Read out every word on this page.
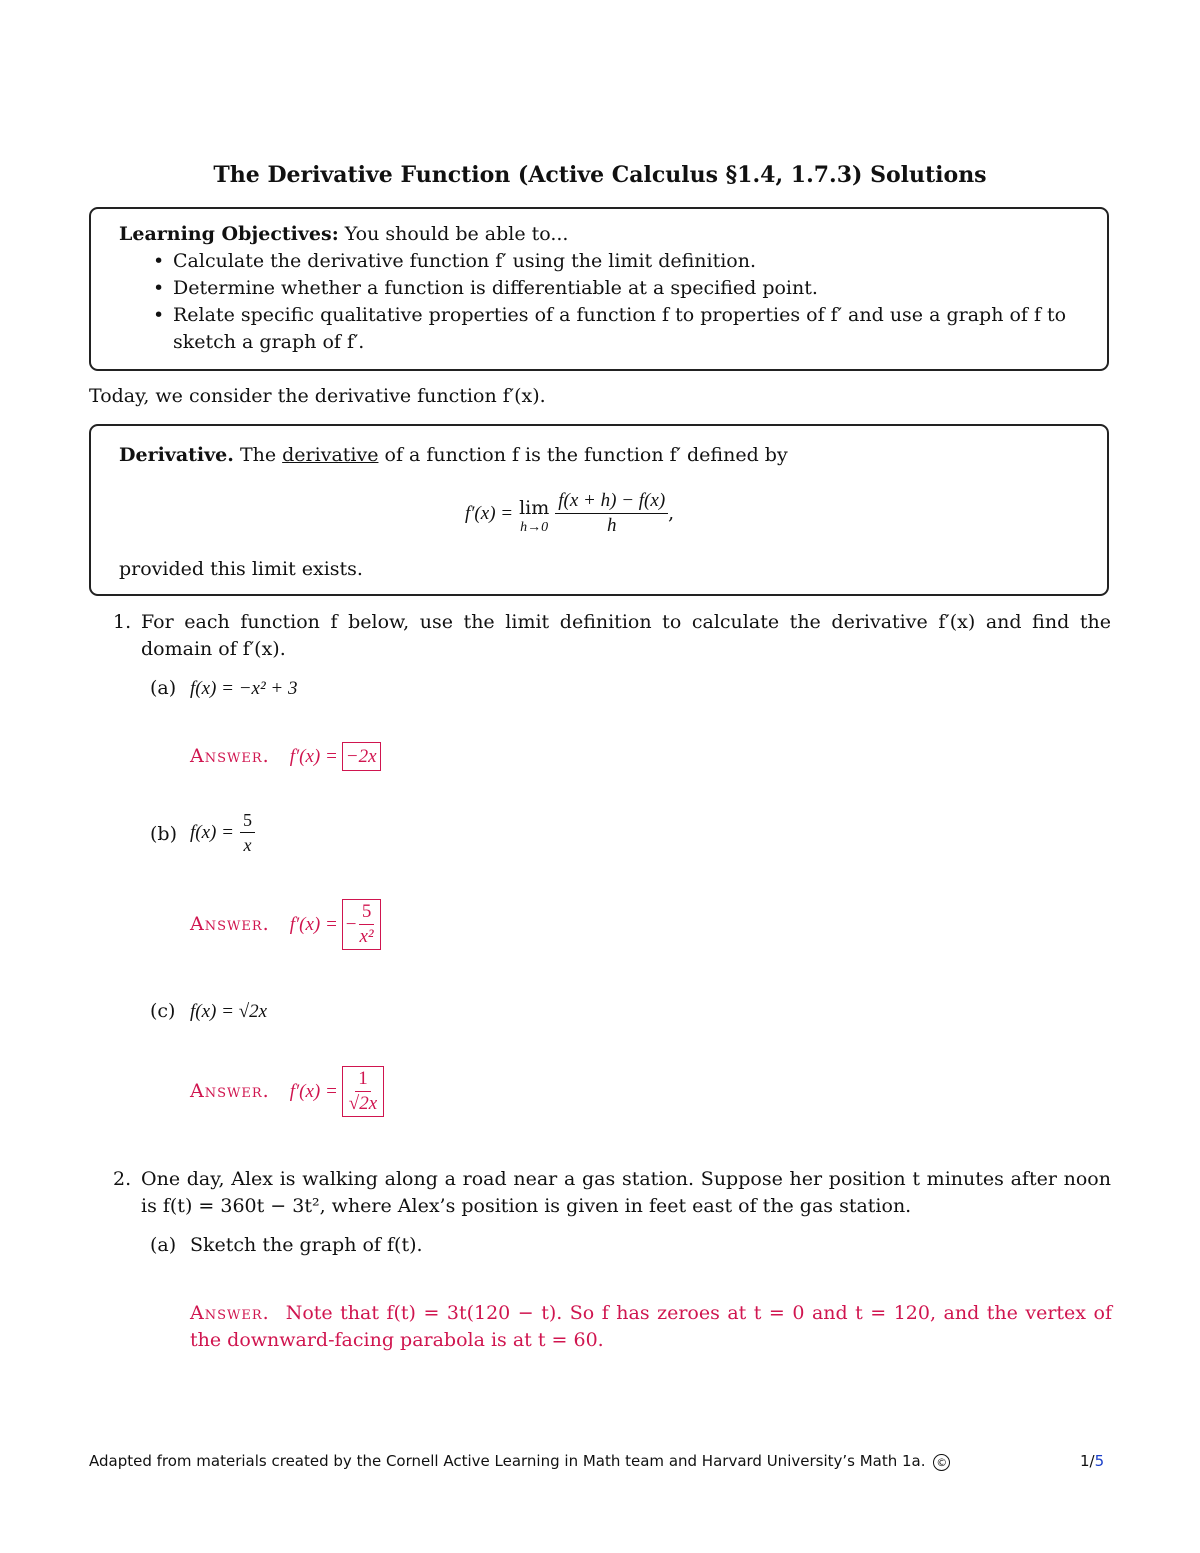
The Derivative Function (Active Calculus §1.4, 1.7.3) Solutions
Learning Objectives: You should be able to...
• Calculate the derivative function f′ using the limit definition.
• Determine whether a function is differentiable at a specified point.
• Relate specific qualitative properties of a function f to properties of f′ and use a graph of f to sketch a graph of f′.
Today, we consider the derivative function f′(x).
Derivative. The derivative of a function f is the function f′ defined by
f′(x) = lim
$h\to 0 \frac{f(x + h) - f(x)}{h}$ ,
provided this limit exists.
1. For each function f below, use the limit definition to calculate the derivative f′(x) and find the domain of f′(x).
(a) f(x) = −x² + 3
Answer. f′(x) = −2x
(b) $f(x) = \frac{5}{x}$
Answer. f′(x) = − $\frac{5}{\text{x²}}$
(c) f(x) = √2x
Answer. $f'(x) = \frac{1}{√2x}$
2. One day, Alex is walking along a road near a gas station. Suppose her position t minutes after noon is f(t) = 360t − 3t², where Alex’s position is given in feet east of the gas station.
(a) Sketch the graph of f(t).
Answer. Note that f(t) = 3t(120 − t). So f has zeroes at t = 0 and t = 120, and the vertex of the downward-facing parabola is at t = 60.
Adapted from materials created by the Cornell Active Learning in Math team and Harvard University’s Math 1a. ©	1/5
